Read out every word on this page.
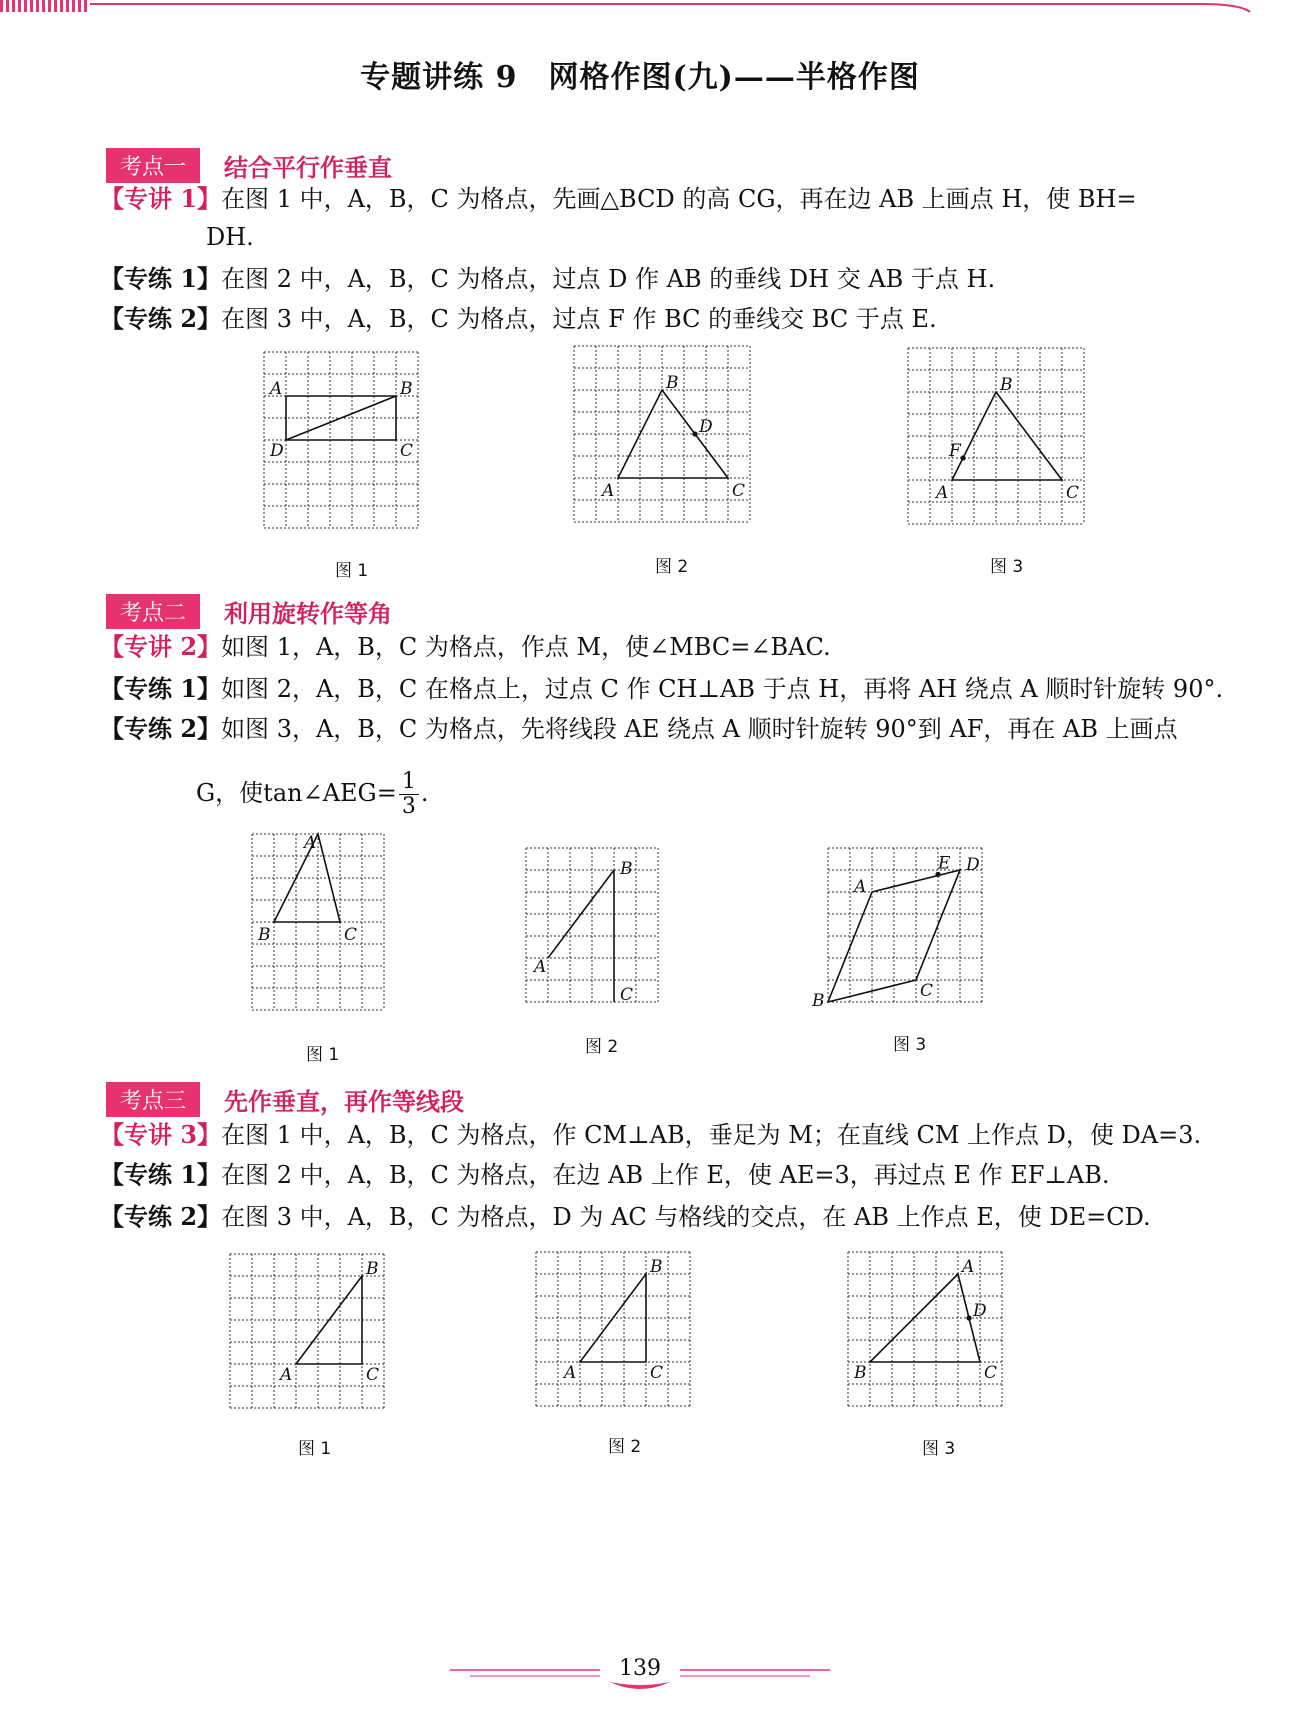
专题讲练 9　网格作图(九)——半格作图
考点一	结合平行作垂直
【专讲 1】在图 1 中，A，B，C 为格点，先画△BCD 的高 CG，再在边 AB 上画点 H，使 BH=
DH.
【专练 1】在图 2 中，A，B，C 为格点，过点 D 作 AB 的垂线 DH 交 AB 于点 H.
【专练 2】在图 3 中，A，B，C 为格点，过点 F 作 BC 的垂线交 BC 于点 E.
A	B
C
D
A
B
C
D
A
B
C
F
图 1	图 2	图 3
考点二	利用旋转作等角
【专讲 2】如图 1，A，B，C 为格点，作点 M，使∠MBC=∠BAC.
【专练 1】如图 2，A，B，C 在格点上，过点 C 作 CH⊥AB 于点 H，再将 AH 绕点 A 顺时针旋转 90°.
【专练 2】如图 3，A，B，C 为格点，先将线段 AE 绕点 A 顺时针旋转 90°到 AF，再在 AB 上画点
G，使tan∠AEG= $\frac{1}{3}$ .
A
B	C
A
B
C
A
B	C
D
E
图 1	图 2	图 3
考点三	先作垂直，再作等线段
【专讲 3】在图 1 中，A，B，C 为格点，作 CM⊥AB，垂足为 M；在直线 CM 上作点 D，使 DA=3.
【专练 1】在图 2 中，A，B，C 为格点，在边 AB 上作 E，使 AE=3，再过点 E 作 EF⊥AB.
【专练 2】在图 3 中，A，B，C 为格点，D 为 AC 与格线的交点，在 AB 上作点 E，使 DE=CD.
A
B
C	A
B
C
A
B	C
D
图 1	图 2	图 3
139
